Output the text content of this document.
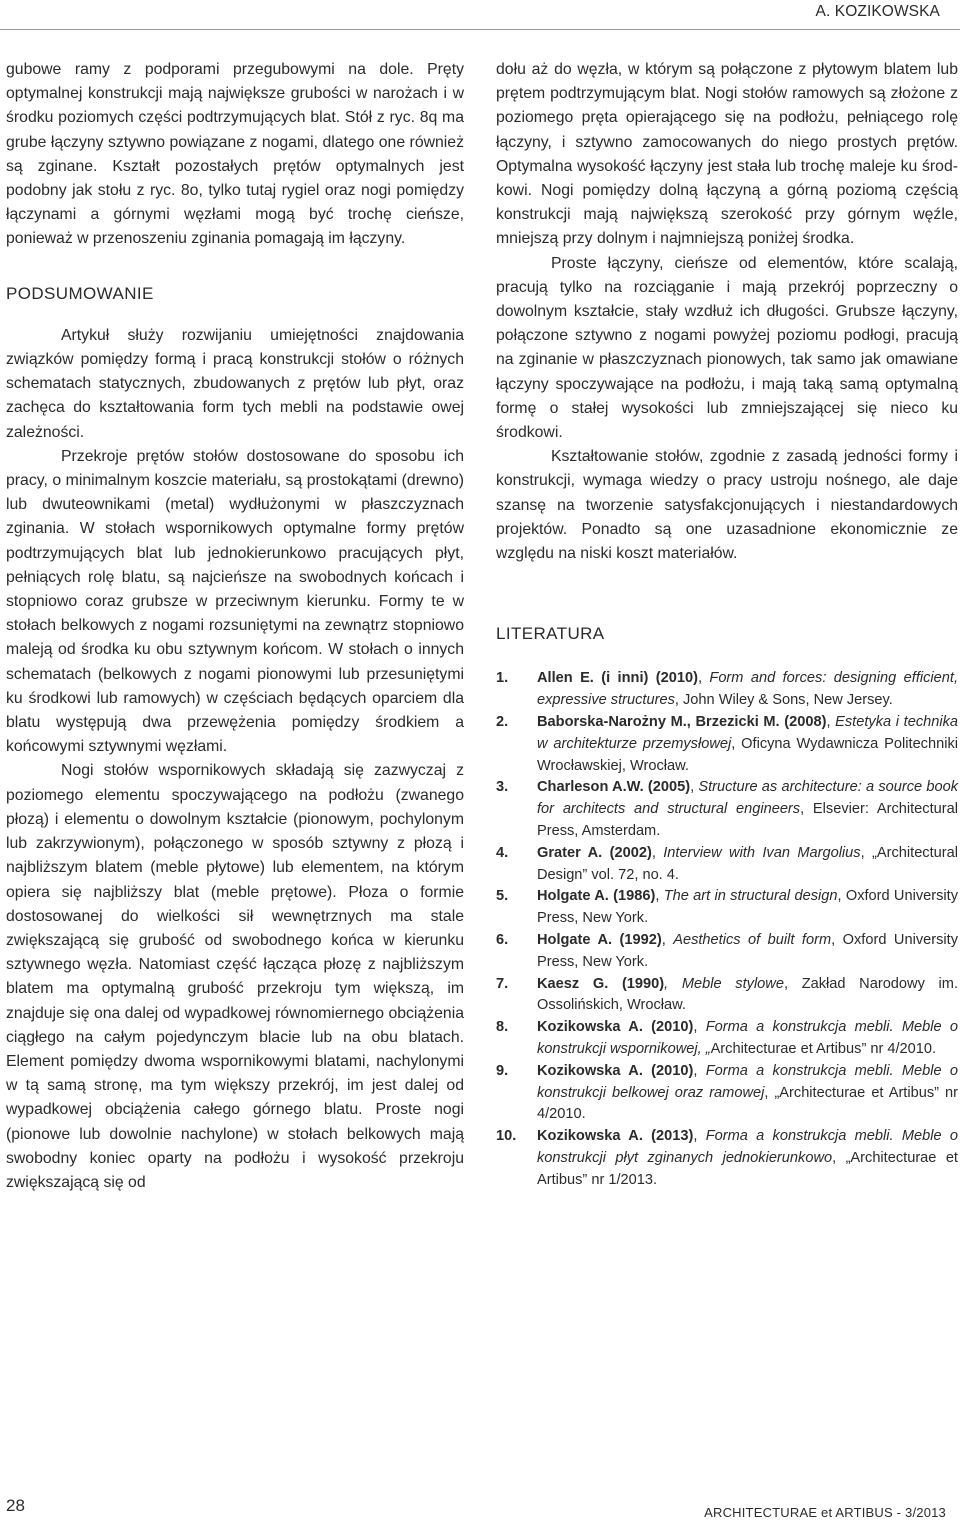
A. KOZIKOWSKA

gubowe ramy z podporami przegubowymi na dole. Pręty optymalnej konstrukcji mają największe grubości w narożach i w środku poziomych części podtrzymujących blat. Stół z ryc. 8q ma grube łączyny sztywno powiązane z nogami, dlatego one również są zginane. Kształt pozostałych prętów optymalnych jest podobny jak stołu z ryc. 8o, tylko tutaj rygiel oraz nogi pomiędzy łączynami a górnymi węzłami mogą być trochę cieńsze, ponieważ w przenoszeniu zginania pomagają im łączyny.

PODSUMOWANIE

Artykuł służy rozwijaniu umiejętności znajdowania związków pomiędzy formą i pracą konstrukcji stołów o różnych schematach statycznych, zbudowanych z prętów lub płyt, oraz zachęca do kształtowania form tych mebli na podstawie owej zależności.

Przekroje prętów stołów dostosowane do sposobu ich pracy, o minimalnym koszcie materiału, są prostokątami (drewno) lub dwuteownikami (metal) wydłużonymi w płaszczyznach zginania. W stołach wspornikowych optymalne formy prętów podtrzymujących blat lub jednokierunkowo pracujących płyt, pełniących rolę blatu, są najcieńsze na swobodnych końcach i stopniowo coraz grubsze w przeciwnym kierunku. Formy te w stołach belkowych z nogami rozsuniętymi na zewnątrz stopniowo maleją od środka ku obu sztywnym końcom. W stołach o innych schematach (belkowych z nogami pionowymi lub przesuniętymi ku środkowi lub ramowych) w częściach będących oparciem dla blatu występują dwa przewężenia pomiędzy środkiem a końcowymi sztywnymi węzłami.

Nogi stołów wspornikowych składają się zazwyczaj z poziomego elementu spoczywającego na podłożu (zwanego płozą) i elementu o dowolnym kształcie (pionowym, pochylonym lub zakrzywionym), połączonego w sposób sztywny z płozą i najbliższym blatem (meble płytowe) lub elementem, na którym opiera się najbliższy blat (meble prętowe). Płoza o formie dostosowanej do wielkości sił wewnętrznych ma stale zwiększającą się grubość od swobodnego końca w kierunku sztywnego węzła. Natomiast część łącząca płozę z najbliższym blatem ma optymalną grubość przekroju tym większą, im znajduje się ona dalej od wypadkowej równomiernego obciążenia ciągłego na całym pojedynczym blacie lub na obu blatach. Element pomiędzy dwoma wspornikowymi blatami, nachylonymi w tą samą stronę, ma tym większy przekrój, im jest dalej od wypadkowej obciążenia całego górnego blatu. Proste nogi (pionowe lub dowolnie nachylone) w stołach belkowych mają swobodny koniec oparty na podłożu i wysokość przekroju zwiększającą się od

dołu aż do węzła, w którym są połączone z płytowym blatem lub prętem podtrzymującym blat. Nogi stołów ramowych są złożone z poziomego pręta opierającego się na podłożu, pełniącego rolę łączyny, i sztywno zamocowanych do niego prostych prętów. Optymalna wysokość łączyny jest stała lub trochę maleje ku środkowi. Nogi pomiędzy dolną łączyną a górną poziomą częścią konstrukcji mają największą szerokość przy górnym węźle, mniejszą przy dolnym i najmniejszą poniżej środka.

Proste łączyny, cieńsze od elementów, które scalają, pracują tylko na rozciąganie i mają przekrój poprzeczny o dowolnym kształcie, stały wzdłuż ich długości. Grubsze łączyny, połączone sztywno z nogami powyżej poziomu podłogi, pracują na zginanie w płaszczyznach pionowych, tak samo jak omawiane łączyny spoczywające na podłożu, i mają taką samą optymalną formę o stałej wysokości lub zmniejszającej się nieco ku środkowi.

Kształtowanie stołów, zgodnie z zasadą jedności formy i konstrukcji, wymaga wiedzy o pracy ustroju nośnego, ale daje szansę na tworzenie satysfakcjonujących i niestandardowych projektów. Ponadto są one uzasadnione ekonomicznie ze względu na niski koszt materiałów.

LITERATURA
1. Allen E. (i inni) (2010), Form and forces: designing efficient, expressive structures, John Wiley & Sons, New Jersey.
2. Baborska-Narożny M., Brzezicki M. (2008), Estetyka i technika w architekturze przemysłowej, Oficyna Wydawnicza Politechniki Wrocławskiej, Wrocław.
3. Charleson A.W. (2005), Structure as architecture: a source book for architects and structural engineers, Elsevier: Architectural Press, Amsterdam.
4. Grater A. (2002), Interview with Ivan Margolius, „Architectural Design” vol. 72, no. 4.
5. Holgate A. (1986), The art in structural design, Oxford University Press, New York.
6. Holgate A. (1992), Aesthetics of built form, Oxford University Press, New York.
7. Kaesz G. (1990), Meble stylowe, Zakład Narodowy im. Ossolińskich, Wrocław.
8. Kozikowska A. (2010), Forma a konstrukcja mebli. Meble o konstrukcji wspornikowej, „Architecturae et Artibus” nr 4/2010.
9. Kozikowska A. (2010), Forma a konstrukcja mebli. Meble o konstrukcji belkowej oraz ramowej, „Architecturae et Artibus” nr 4/2010.
10. Kozikowska A. (2013), Forma a konstrukcja mebli. Meble o konstrukcji płyt zginanych jednokierunkowo, „Architecturae et Artibus” nr 1/2013.
28	ARCHITECTURAE et ARTIBUS - 3/2013
